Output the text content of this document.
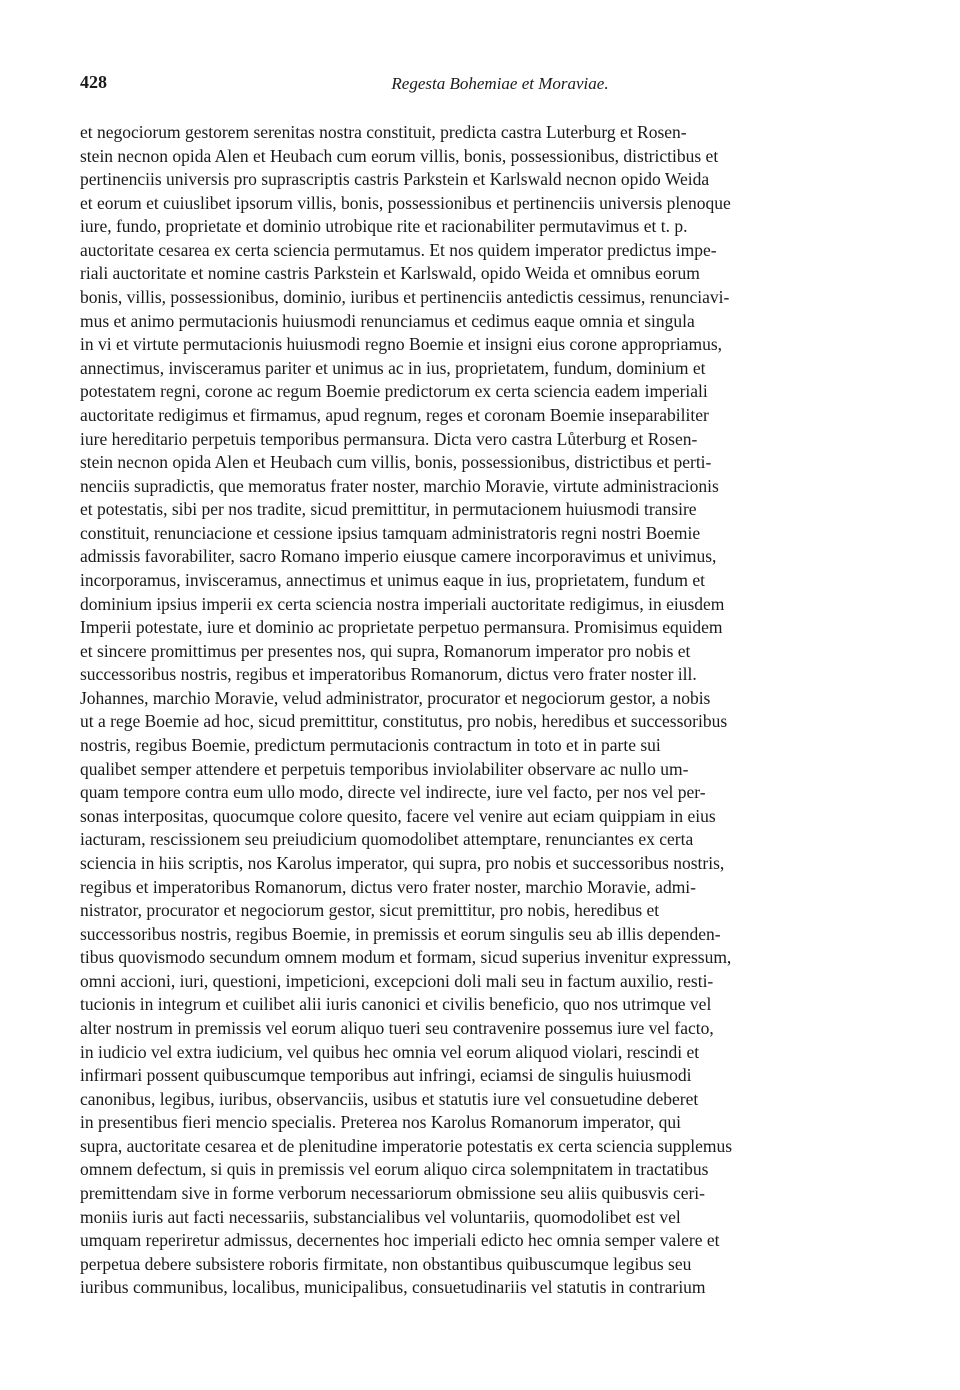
428	Regesta Bohemiae et Moraviae.
et negociorum gestorem serenitas nostra constituit, predicta castra Luterburg et Rosen-
stein necnon opida Alen et Heubach cum eorum villis, bonis, possessionibus, districtibus et
pertinenciis universis pro suprascriptis castris Parkstein et Karlswald necnon opido Weida
et eorum et cuiuslibet ipsorum villis, bonis, possessionibus et pertinenciis universis plenoque
iure, fundo, proprietate et dominio utrobique rite et racionabiliter permutavimus et t. p.
auctoritate cesarea ex certa sciencia permutamus. Et nos quidem imperator predictus impe-
riali auctoritate et nomine castris Parkstein et Karlswald, opido Weida et omnibus eorum
bonis, villis, possessionibus, dominio, iuribus et pertinenciis antedictis cessimus, renunciavi-
mus et animo permutacionis huiusmodi renunciamus et cedimus eaque omnia et singula
in vi et virtute permutacionis huiusmodi regno Boemie et insigni eius corone appropriamus,
annectimus, invisceramus pariter et unimus ac in ius, proprietatem, fundum, dominium et
potestatem regni, corone ac regum Boemie predictorum ex certa sciencia eadem imperiali
auctoritate redigimus et firmamus, apud regnum, reges et coronam Boemie inseparabiliter
iure hereditario perpetuis temporibus permansura. Dicta vero castra Lůterburg et Rosen-
stein necnon opida Alen et Heubach cum villis, bonis, possessionibus, districtibus et perti-
nenciis supradictis, que memoratus frater noster, marchio Moravie, virtute administracionis
et potestatis, sibi per nos tradite, sicud premittitur, in permutacionem huiusmodi transire
constituit, renunciacione et cessione ipsius tamquam administratoris regni nostri Boemie
admissis favorabiliter, sacro Romano imperio eiusque camere incorporavimus et univimus,
incorporamus, invisceramus, annectimus et unimus eaque in ius, proprietatem, fundum et
dominium ipsius imperii ex certa sciencia nostra imperiali auctoritate redigimus, in eiusdem
Imperii potestate, iure et dominio ac proprietate perpetuo permansura. Promisimus equidem
et sincere promittimus per presentes nos, qui supra, Romanorum imperator pro nobis et
successoribus nostris, regibus et imperatoribus Romanorum, dictus vero frater noster ill.
Johannes, marchio Moravie, velud administrator, procurator et negociorum gestor, a nobis
ut a rege Boemie ad hoc, sicud premittitur, constitutus, pro nobis, heredibus et successoribus
nostris, regibus Boemie, predictum permutacionis contractum in toto et in parte sui
qualibet semper attendere et perpetuis temporibus inviolabiliter observare ac nullo um-
quam tempore contra eum ullo modo, directe vel indirecte, iure vel facto, per nos vel per-
sonas interpositas, quocumque colore quesito, facere vel venire aut eciam quippiam in eius
iacturam, rescissionem seu preiudicium quomodolibet attemptare, renunciantes ex certa
sciencia in hiis scriptis, nos Karolus imperator, qui supra, pro nobis et successoribus nostris,
regibus et imperatoribus Romanorum, dictus vero frater noster, marchio Moravie, admi-
nistrator, procurator et negociorum gestor, sicut premittitur, pro nobis, heredibus et
successoribus nostris, regibus Boemie, in premissis et eorum singulis seu ab illis dependen-
tibus quovismodo secundum omnem modum et formam, sicud superius invenitur expressum,
omni accioni, iuri, questioni, impeticioni, excepcioni doli mali seu in factum auxilio, resti-
tucionis in integrum et cuilibet alii iuris canonici et civilis beneficio, quo nos utrimque vel
alter nostrum in premissis vel eorum aliquo tueri seu contravenire possemus iure vel facto,
in iudicio vel extra iudicium, vel quibus hec omnia vel eorum aliquod violari, rescindi et
infirmari possent quibuscumque temporibus aut infringi, eciamsi de singulis huiusmodi
canonibus, legibus, iuribus, observanciis, usibus et statutis iure vel consuetudine deberet
in presentibus fieri mencio specialis. Preterea nos Karolus Romanorum imperator, qui
supra, auctoritate cesarea et de plenitudine imperatorie potestatis ex certa sciencia supplemus
omnem defectum, si quis in premissis vel eorum aliquo circa solempnitatem in tractatibus
premittendam sive in forme verborum necessariorum obmissione seu aliis quibusvis ceri-
moniis iuris aut facti necessariis, substancialibus vel voluntariis, quomodolibet est vel
umquam reperiretur admissus, decernentes hoc imperiali edicto hec omnia semper valere et
perpetua debere subsistere roboris firmitate, non obstantibus quibuscumque legibus seu
iuribus communibus, localibus, municipalibus, consuetudinariis vel statutis in contrarium
